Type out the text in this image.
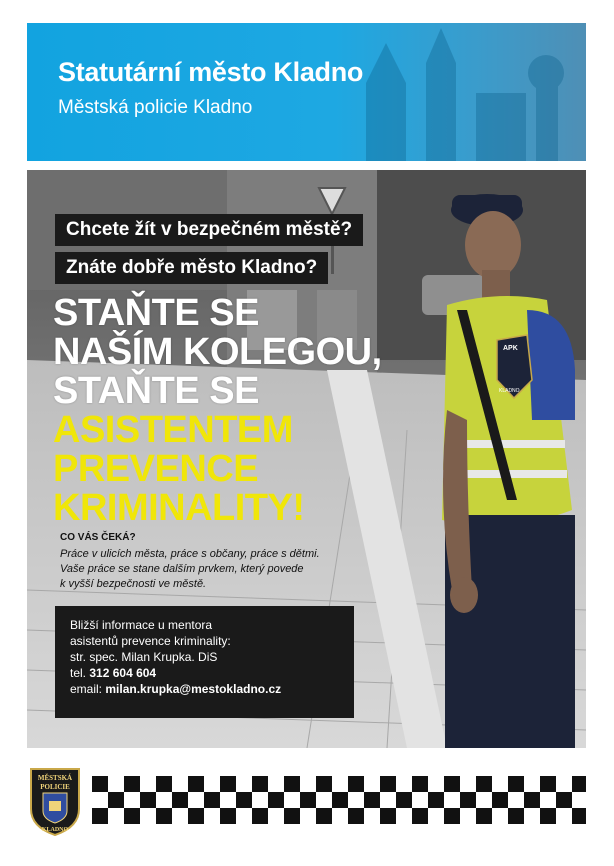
Statutární město Kladno
Městská policie Kladno
APK
KLADNO
Chcete žít v bezpečném městě?
Znáte dobře město Kladno?
STAŇTE SE
NAŠÍM KOLEGOU,
STAŇTE SE
ASISTENTEM
PREVENCE
KRIMINALITY!
CO VÁS ČEKÁ?
Práce v ulicích města, práce s občany, práce s dětmi.
Vaše práce se stane dalším prvkem, který povede
k vyšší bezpečnosti ve městě.
Bližší informace u mentora
asistentů prevence kriminality:
str. spec. Milan Krupka. DiS
tel. 312 604 604
email: milan.krupka@mestokladno.cz
MĚSTSKÁ
POLICIE
KLADNO
